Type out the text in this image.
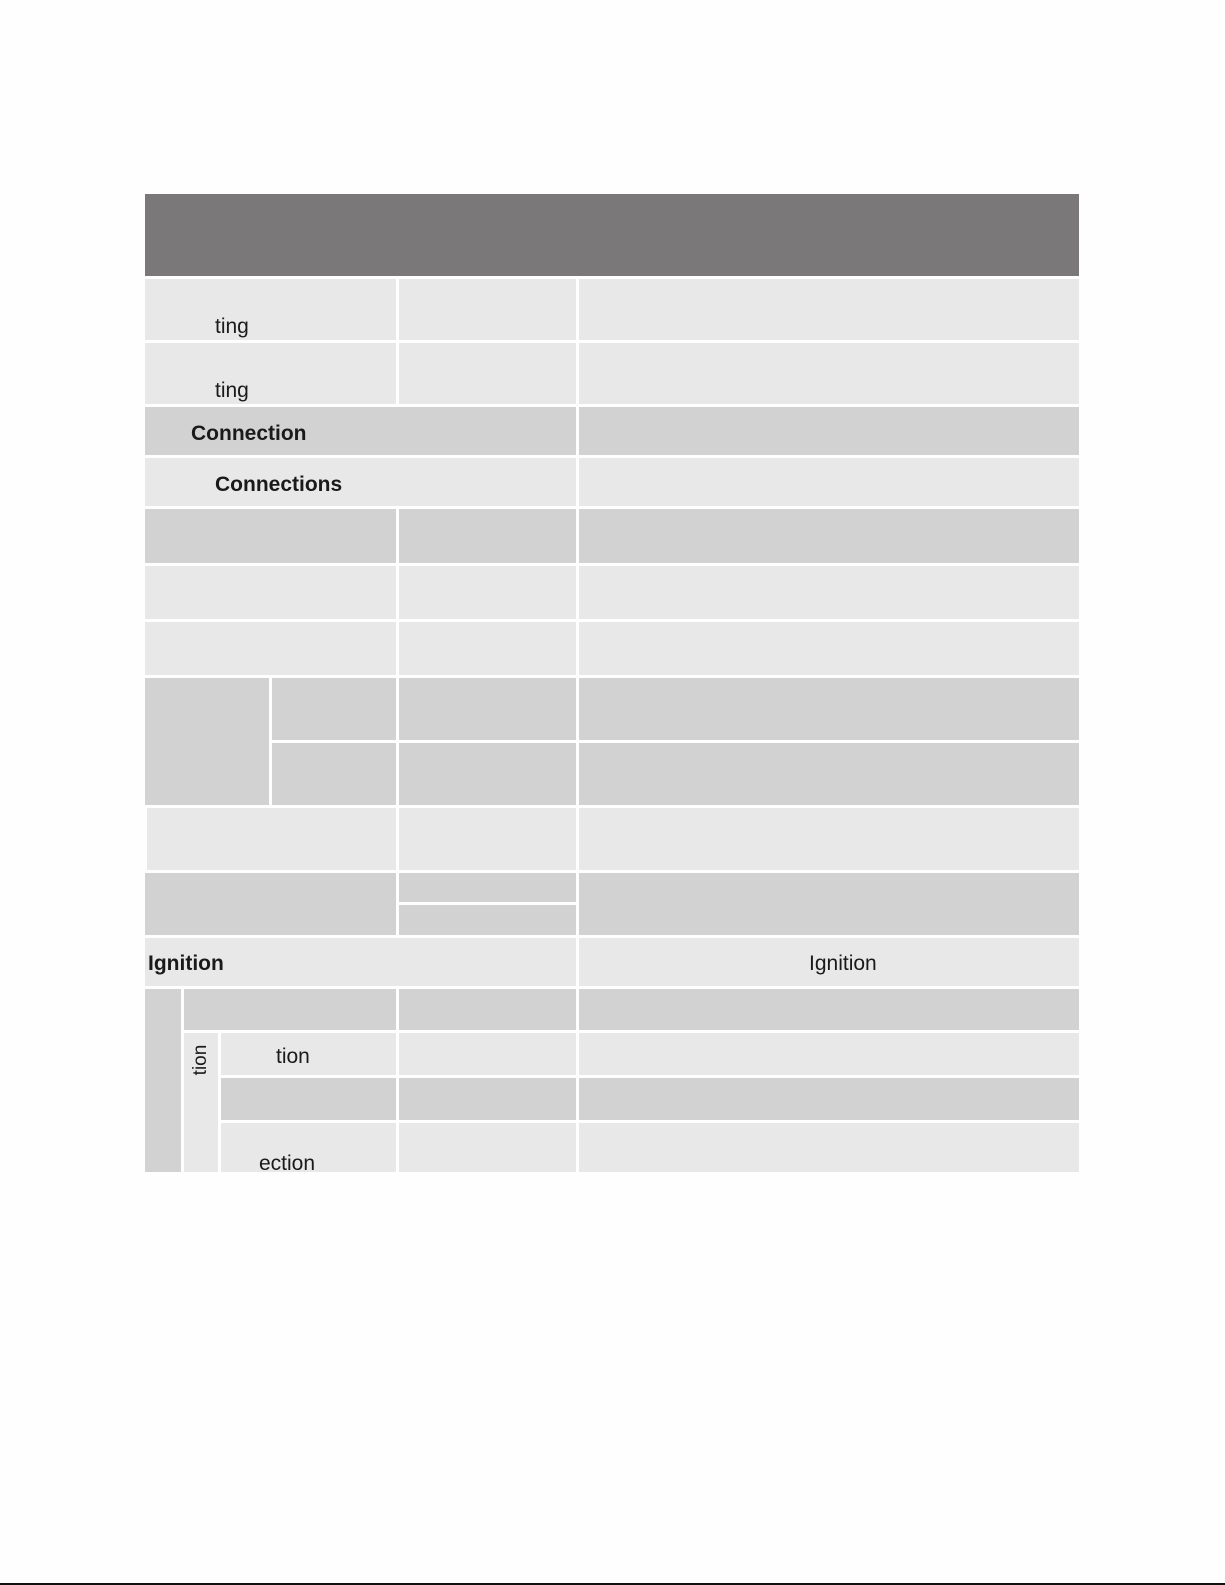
ting
ting
Connection
Connections
Ignition	Ignition
tion	tion
ection
